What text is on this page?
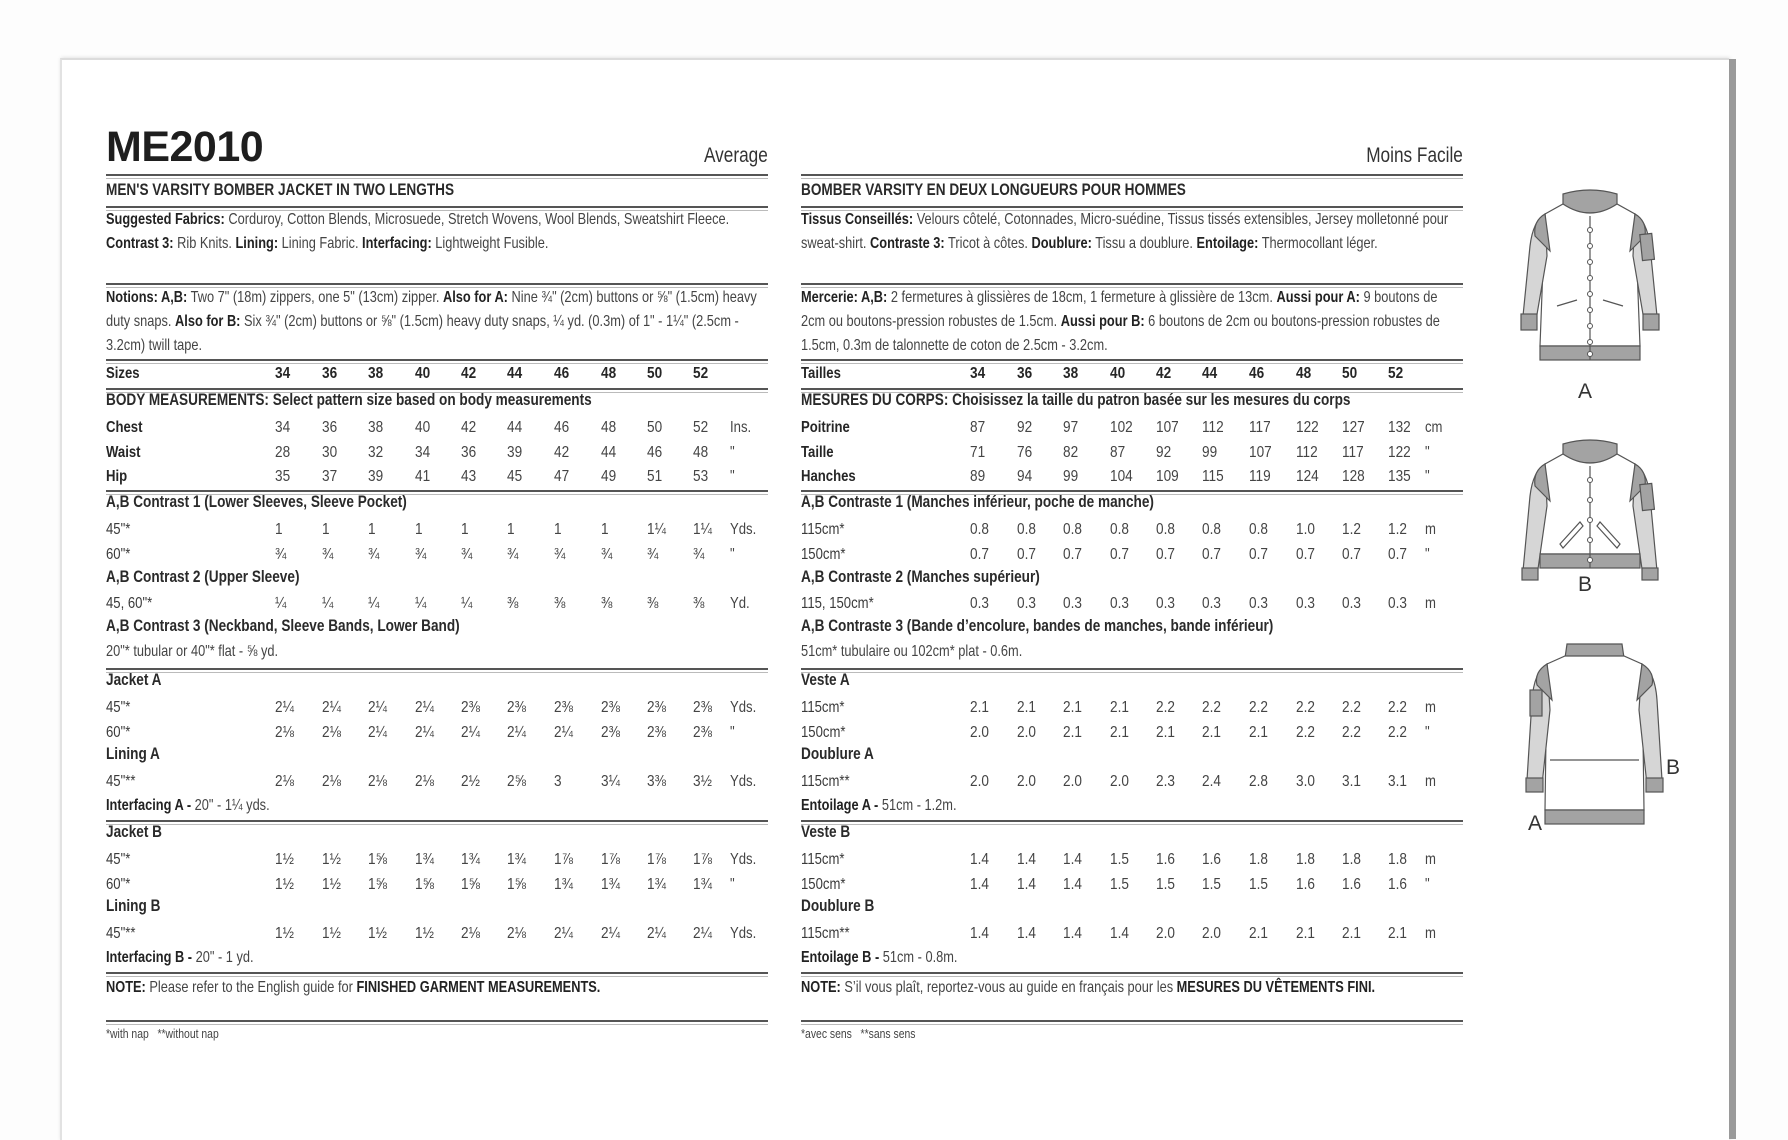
ME2010	Average
MEN'S VARSITY BOMBER JACKET IN TWO LENGTHS
Suggested Fabrics: Corduroy, Cotton Blends, Microsuede, Stretch Wovens, Wool Blends, Sweatshirt Fleece. Contrast 3: Rib Knits. Lining: Lining Fabric. Interfacing: Lightweight Fusible.
Notions: A,B: Two 7" (18m) zippers, one 5" (13cm) zipper. Also for A: Nine ¾" (2cm) buttons or ⅝" (1.5cm) heavy duty snaps. Also for B: Six ¾" (2cm) buttons or ⅝" (1.5cm) heavy duty snaps, ¼ yd. (0.3m) of 1" - 1¼" (2.5cm - 3.2cm) twill tape.
Sizes	34	36	38	40	42	44	46	48	50	52
BODY MEASUREMENTS: Select pattern size based on body measurements
Chest	34	36	38	40	42	44	46	48	50	52	Ins.
Waist	28	30	32	34	36	39	42	44	46	48	"
Hip	35	37	39	41	43	45	47	49	51	53	"
A,B Contrast 1 (Lower Sleeves, Sleeve Pocket)
45"*	1	1	1	1	1	1	1	1	1¼	1¼	Yds.
60"*	¾	¾	¾	¾	¾	¾	¾	¾	¾	¾	"
A,B Contrast 2 (Upper Sleeve)
45, 60"*	¼	¼	¼	¼	¼	⅜	⅜	⅜	⅜	⅜	Yd.
A,B Contrast 3 (Neckband, Sleeve Bands, Lower Band)
20"* tubular or 40"* flat - ⅝ yd.
Jacket A
45"*	2¼	2¼	2¼	2¼	2⅜	2⅜	2⅜	2⅜	2⅜	2⅜	Yds.
60"*	2⅛	2⅛	2¼	2¼	2¼	2¼	2¼	2⅜	2⅜	2⅜	"
Lining A
45"**	2⅛	2⅛	2⅛	2⅛	2½	2⅝	3	3¼	3⅜	3½	Yds.
Interfacing A - 20" - 1¼ yds.
Jacket B
45"*	1½	1½	1⅝	1¾	1¾	1¾	1⅞	1⅞	1⅞	1⅞	Yds.
60"*	1½	1½	1⅝	1⅝	1⅝	1⅝	1¾	1¾	1¾	1¾	"
Lining B
45"**	1½	1½	1½	1½	2⅛	2⅛	2¼	2¼	2¼	2¼	Yds.
Interfacing B - 20" - 1 yd.
NOTE: Please refer to the English guide for FINISHED GARMENT MEASUREMENTS.
*with nap   **without nap
Moins Facile
BOMBER VARSITY EN DEUX LONGUEURS POUR HOMMES
Tissus Conseillés: Velours côtelé, Cotonnades, Micro-suédine, Tissus tissés extensibles, Jersey molletonné pour sweat-shirt. Contraste 3: Tricot à côtes. Doublure: Tissu a doublure. Entoilage: Thermocollant léger.
Mercerie: A,B: 2 fermetures à glissières de 18cm, 1 fermeture à glissière de 13cm. Aussi pour A: 9 boutons de 2cm ou boutons-pression robustes de 1.5cm. Aussi pour B: 6 boutons de 2cm ou boutons-pression robustes de 1.5cm, 0.3m de talonnette de coton de 2.5cm - 3.2cm.
Tailles	34	36	38	40	42	44	46	48	50	52
MESURES DU CORPS: Choisissez la taille du patron basée sur les mesures du corps
Poitrine	87	92	97	102	107	112	117	122	127	132 cm
Taille	71	76	82	87	92	99	107	112	117	122 "
Hanches	89	94	99	104	109	115	119	124	128	135 "
A,B Contraste 1 (Manches inférieur, poche de manche)
115cm*	0.8	0.8	0.8	0.8	0.8	0.8	0.8	1.0	1.2	1.2	m
150cm*	0.7	0.7	0.7	0.7	0.7	0.7	0.7	0.7	0.7	0.7	"
A,B Contraste 2 (Manches supérieur)
115, 150cm*	0.3	0.3	0.3	0.3	0.3	0.3	0.3	0.3	0.3	0.3	m
A,B Contraste 3 (Bande d’encolure, bandes de manches, bande inférieur)
51cm* tubulaire ou 102cm* plat - 0.6m.
Veste A
115cm*	2.1	2.1	2.1	2.1	2.2	2.2	2.2	2.2	2.2	2.2	m
150cm*	2.0	2.0	2.1	2.1	2.1	2.1	2.1	2.2	2.2	2.2	"
Doublure A
115cm**	2.0	2.0	2.0	2.0	2.3	2.4	2.8	3.0	3.1	3.1	m
Entoilage A - 51cm - 1.2m.
Veste B
115cm*	1.4	1.4	1.4	1.5	1.6	1.6	1.8	1.8	1.8	1.8	m
150cm*	1.4	1.4	1.4	1.5	1.5	1.5	1.5	1.6	1.6	1.6	"
Doublure B
115cm**	1.4	1.4	1.4	1.4	2.0	2.0	2.1	2.1	2.1	2.1	m
Entoilage B - 51cm - 0.8m.
NOTE: S’il vous plaît, reportez-vous au guide en français pour les MESURES DU VÊTEMENTS FINI.
*avec sens   **sans sens
A
B
B
A
